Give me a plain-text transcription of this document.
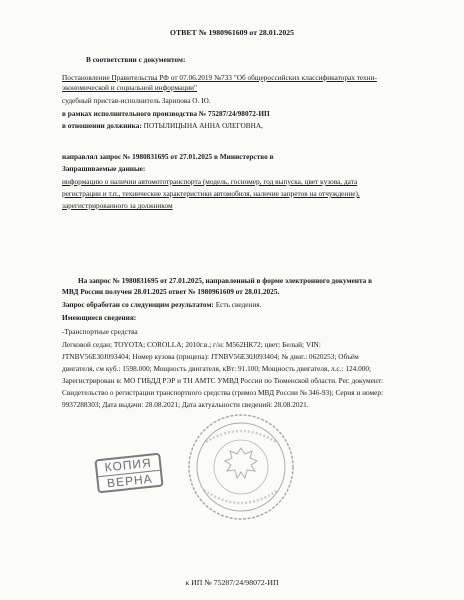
ОТВЕТ № 1980961609 от 28.01.2025
В соответствии с документом:
Постановление Правительства РФ от 07.06.2019 №733 "Об общероссийских классификаторах техни-
экономической и социальной информации"
судебный пристав-исполнитель Зарипова О. Ю.
в рамках исполнительного производства № 75287/24/98072-ИП
в отношении должника: ПОТЫЛИЦЫНА АННА ОЛЕГОВНА,
направлял запрос № 1980831695 от 27.01.2025 в Министерство в
Запрашиваемые данные:
информацию о наличии автомототранспорта (модель, госномер, год выпуска, цвет кузова, дата
регистрации и т.п., технические характеристики автомобиля, наличие запретов на отчуждение),
зарегистрированного за должником
На запрос № 1980831695 от 27.01.2025, направленный в форме электронного документа в
МВД России получен 28.01.2025 ответ № 1980961609 от 28.01.2025.
Запрос обработан со следующим результатом: Есть сведения.
Имеющиеся сведения:
-Транспортные средства
Легковой седан; TOYOTA; COROLLA; 2010г.в.; г/н: М562НК72; цвет: Белый; VIN:
JTNBV56E30J093404; Номер кузова (прицепа): JTNBV56E30J093404; № двиг.: 0620253; Объём
двигателя, см куб.: 1598.000; Мощность двигателя, кВт: 91.100; Мощность двигателя, л.с.: 124.000;
Зарегистрирован в: МО ГИБДД РЭР и ТН АМТС УМВД России по Тюменской области. Рег. документ:
Свидетельство о регистрации транспортного средства (гримоз МВД России № 346-93); Серия и номер:
9937288303; Дата выдачи: 28.08.2021; Дата актуальности сведений: 28.08.2021.
КОПИЯ
ВЕРНА
к ИП № 75287/24/98072-ИП
